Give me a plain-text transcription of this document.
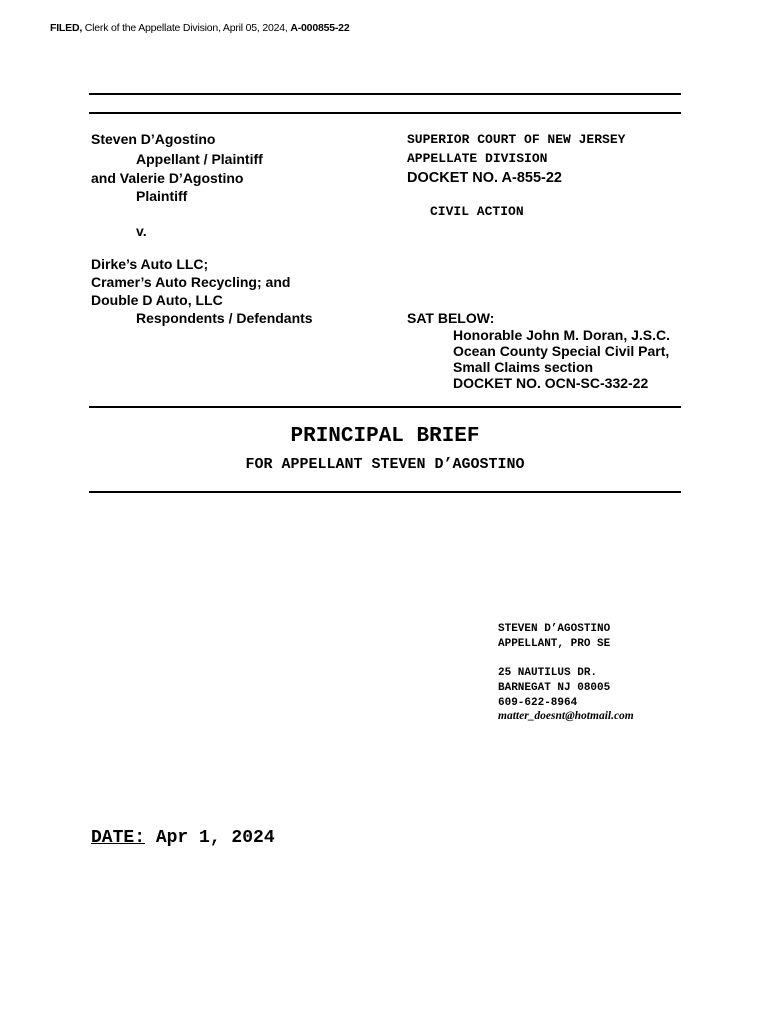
FILED, Clerk of the Appellate Division, April 05, 2024, A-000855-22
Steven D’Agostino
Appellant / Plaintiff
and Valerie D’Agostino
Plaintiff
v.
Dirke’s Auto LLC;
Cramer’s Auto Recycling; and
Double D Auto, LLC
Respondents / Defendants
SUPERIOR COURT OF NEW JERSEY
APPELLATE DIVISION
DOCKET NO. A-855-22
CIVIL ACTION
SAT BELOW:
Honorable John M. Doran, J.S.C.
Ocean County Special Civil Part,
Small Claims section
DOCKET NO. OCN-SC-332-22
PRINCIPAL BRIEF
FOR APPELLANT STEVEN D’AGOSTINO
STEVEN D’AGOSTINO
APPELLANT, PRO SE
25 NAUTILUS DR.
BARNEGAT NJ 08005
609-622-8964
matter_doesnt@hotmail.com
DATE: Apr 1, 2024
